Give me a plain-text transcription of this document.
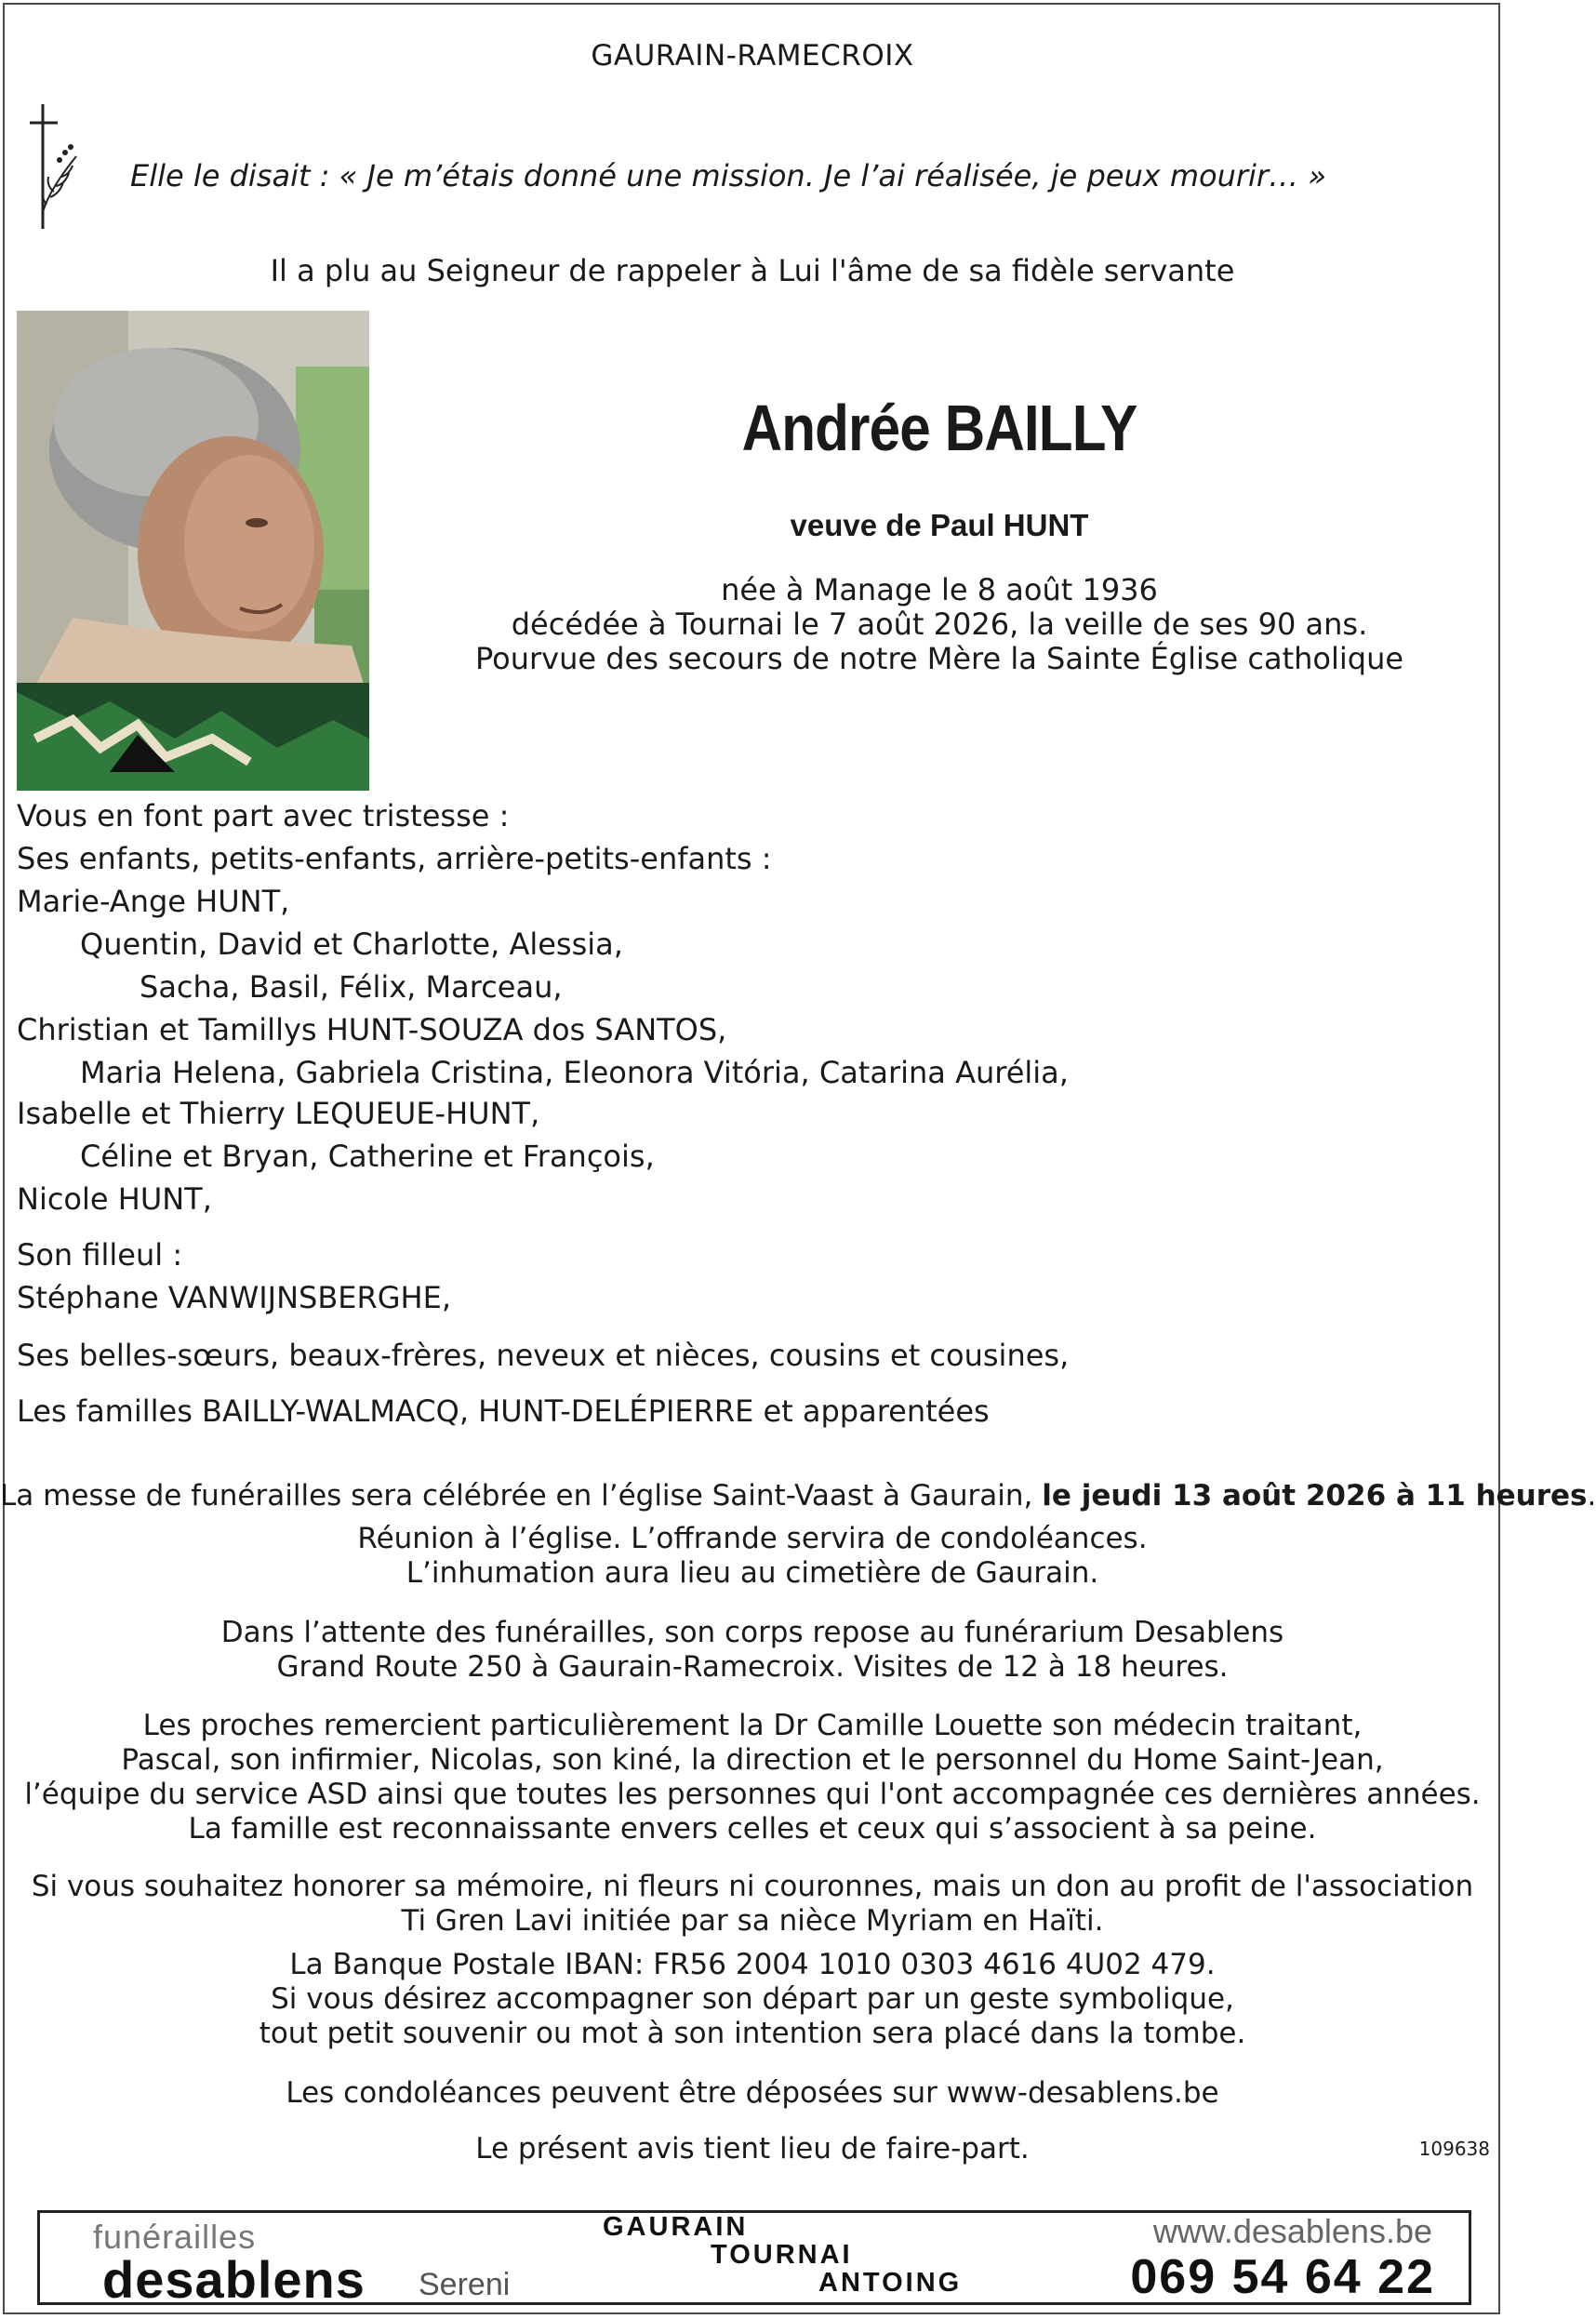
GAURAIN-RAMECROIX
Elle le disait : « Je m’étais donné une mission. Je l’ai réalisée, je peux mourir… »
Il a plu au Seigneur de rappeler à Lui l'âme de sa fidèle servante
Andrée BAILLY
veuve de Paul HUNT
née à Manage le 8 août 1936
décédée à Tournai le 7 août 2026, la veille de ses 90 ans.
Pourvue des secours de notre Mère la Sainte Église catholique
Vous en font part avec tristesse :
Ses enfants, petits-enfants, arrière-petits-enfants :
Marie-Ange HUNT,
Quentin, David et Charlotte, Alessia,
Sacha, Basil, Félix, Marceau,
Christian et Tamillys HUNT-SOUZA dos SANTOS,
Maria Helena, Gabriela Cristina, Eleonora Vitória, Catarina Aurélia,
Isabelle et Thierry LEQUEUE-HUNT,
Céline et Bryan, Catherine et François,
Nicole HUNT,
Son filleul :
Stéphane VANWIJNSBERGHE,
Ses belles-sœurs, beaux-frères, neveux et nièces, cousins et cousines,
Les familles BAILLY-WALMACQ, HUNT-DELÉPIERRE et apparentées
La messe de funérailles sera célébrée en l’église Saint-Vaast à Gaurain, le jeudi 13 août 2026 à 11 heures.
Réunion à l’église. L’offrande servira de condoléances.
L’inhumation aura lieu au cimetière de Gaurain.
Dans l’attente des funérailles, son corps repose au funérarium Desablens
Grand Route 250 à Gaurain-Ramecroix. Visites de 12 à 18 heures.
Les proches remercient particulièrement la Dr Camille Louette son médecin traitant,
Pascal, son infirmier, Nicolas, son kiné, la direction et le personnel du Home Saint-Jean,
l’équipe du service ASD ainsi que toutes les personnes qui l'ont accompagnée ces dernières années.
La famille est reconnaissante envers celles et ceux qui s’associent à sa peine.
Si vous souhaitez honorer sa mémoire, ni fleurs ni couronnes, mais un don au profit de l'association
Ti Gren Lavi initiée par sa nièce Myriam en Haïti.
La Banque Postale IBAN: FR56 2004 1010 0303 4616 4U02 479.
Si vous désirez accompagner son départ par un geste symbolique,
tout petit souvenir ou mot à son intention sera placé dans la tombe.
Les condoléances peuvent être déposées sur www-desablens.be
Le présent avis tient lieu de faire-part.	109638
funérailles
desablens Sereni
GAURAIN
TOURNAI
ANTOING
www.desablens.be
069 54 64 22
